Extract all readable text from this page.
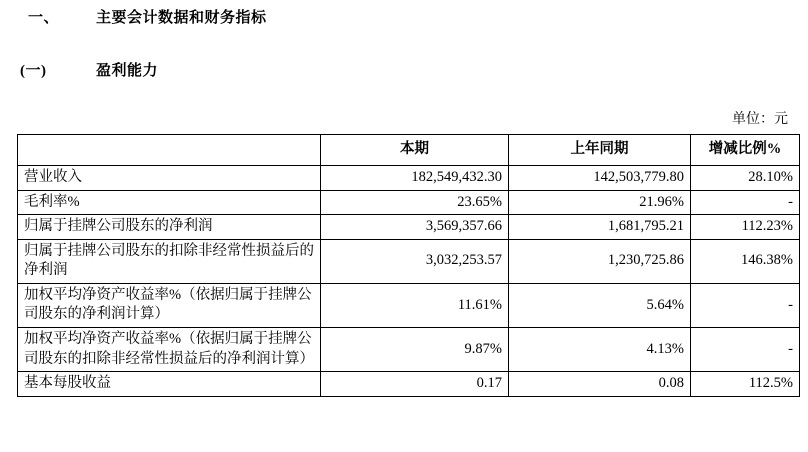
一、	主要会计数据和财务指标
(一)	盈利能力
单位：元
	本期	上年同期	增减比例%
营业收入	182,549,432.30	142,503,779.80	28.10%
毛利率%	23.65%	21.96%	-
归属于挂牌公司股东的净利润	3,569,357.66	1,681,795.21	112.23%
归属于挂牌公司股东的扣除非经常性损益后的净利润	3,032,253.57	1,230,725.86	146.38%
加权平均净资产收益率%（依据归属于挂牌公司股东的净利润计算）	11.61%	5.64%	-
加权平均净资产收益率%（依据归属于挂牌公司股东的扣除非经常性损益后的净利润计算）	9.87%	4.13%	-
基本每股收益	0.17	0.08	112.5%
